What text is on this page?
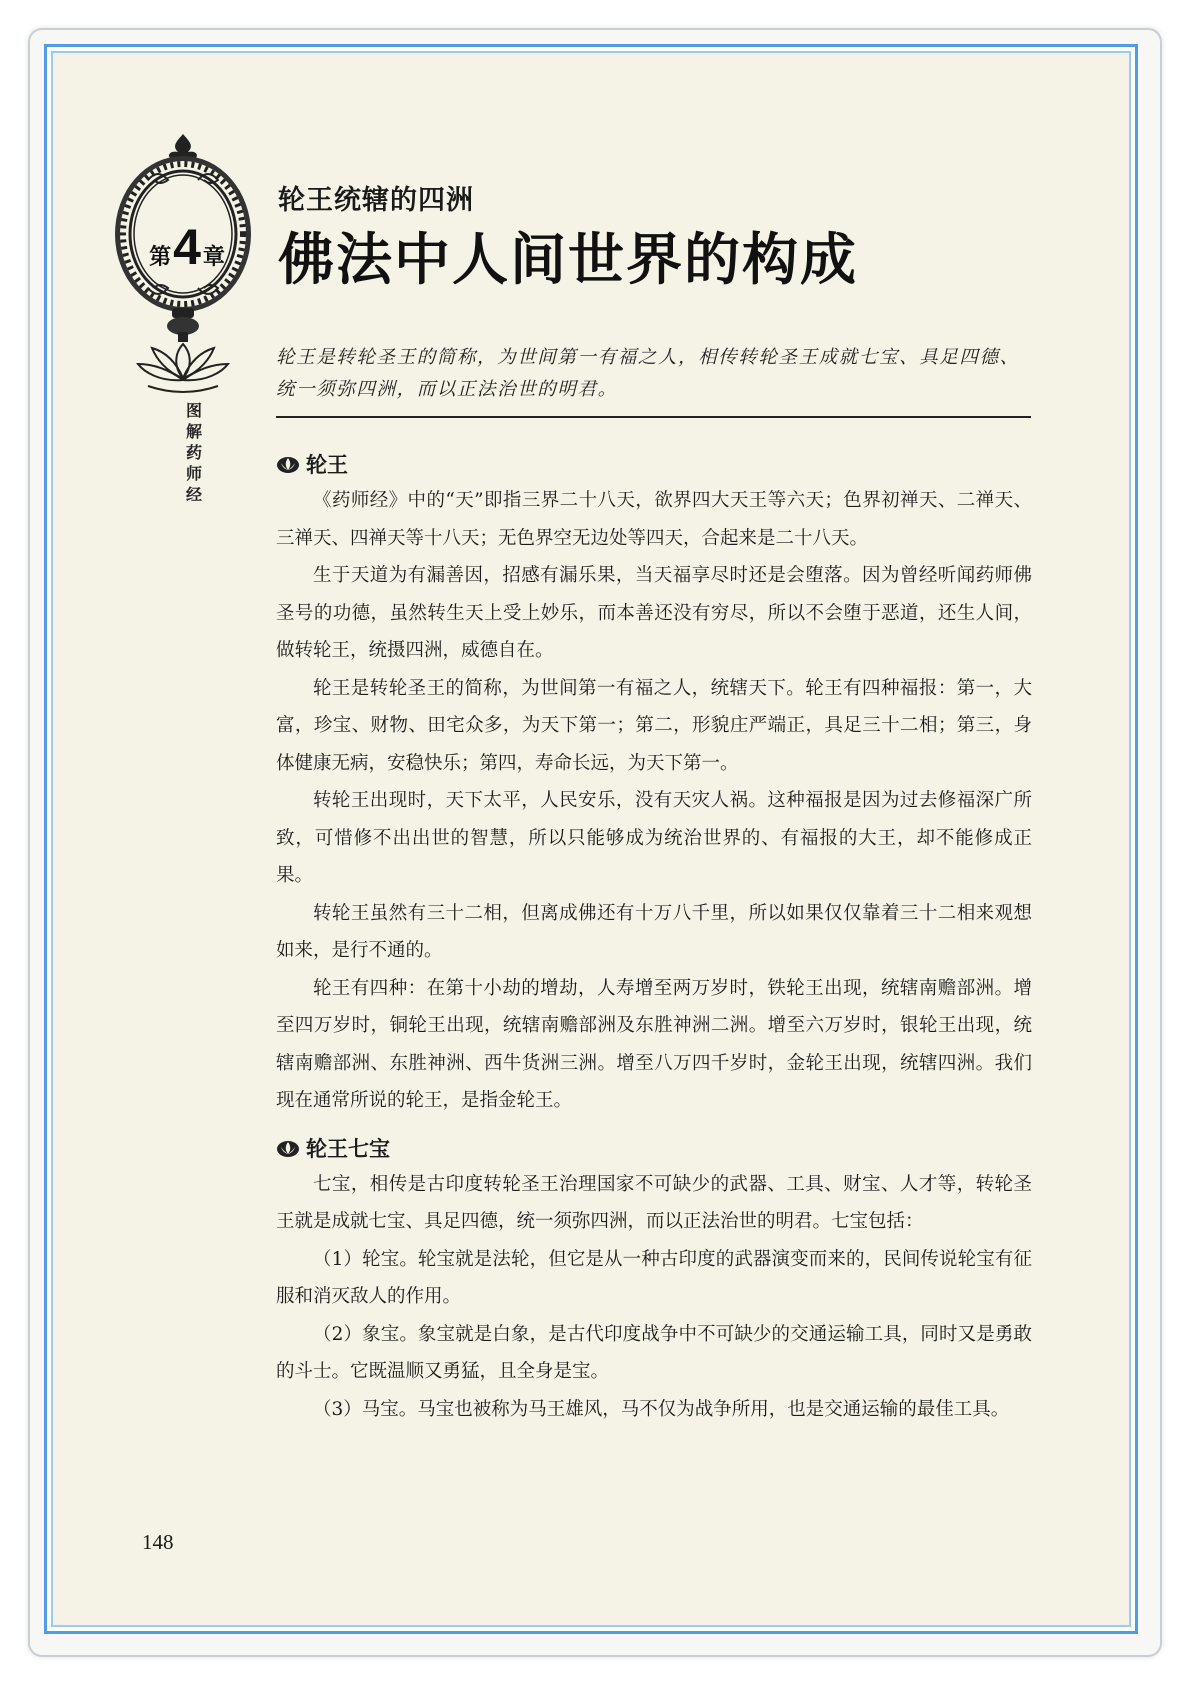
第 4 章
图解药师经
轮王统辖的四洲
佛法中人间世界的构成
轮王是转轮圣王的简称，为世间第一有福之人，相传转轮圣王成就七宝、具足四德、统一须弥四洲，而以正法治世的明君。
轮王

《药师经》中的“天”即指三界二十八天，欲界四大天王等六天；色界初禅天、二禅天、三禅天、四禅天等十八天；无色界空无边处等四天，合起来是二十八天。

生于天道为有漏善因，招感有漏乐果，当天福享尽时还是会堕落。因为曾经听闻药师佛圣号的功德，虽然转生天上受上妙乐，而本善还没有穷尽，所以不会堕于恶道，还生人间，做转轮王，统摄四洲，威德自在。

轮王是转轮圣王的简称，为世间第一有福之人，统辖天下。轮王有四种福报：第一，大富，珍宝、财物、田宅众多，为天下第一；第二，形貌庄严端正，具足三十二相；第三，身体健康无病，安稳快乐；第四，寿命长远，为天下第一。

转轮王出现时，天下太平，人民安乐，没有天灾人祸。这种福报是因为过去修福深广所致，可惜修不出出世的智慧，所以只能够成为统治世界的、有福报的大王，却不能修成正果。

转轮王虽然有三十二相，但离成佛还有十万八千里，所以如果仅仅靠着三十二相来观想如来，是行不通的。

轮王有四种：在第十小劫的增劫，人寿增至两万岁时，铁轮王出现，统辖南赡部洲。增至四万岁时，铜轮王出现，统辖南赡部洲及东胜神洲二洲。增至六万岁时，银轮王出现，统辖南赡部洲、东胜神洲、西牛货洲三洲。增至八万四千岁时，金轮王出现，统辖四洲。我们现在通常所说的轮王，是指金轮王。

轮王七宝

七宝，相传是古印度转轮圣王治理国家不可缺少的武器、工具、财宝、人才等，转轮圣王就是成就七宝、具足四德，统一须弥四洲，而以正法治世的明君。七宝包括：

（1）轮宝。轮宝就是法轮，但它是从一种古印度的武器演变而来的，民间传说轮宝有征服和消灭敌人的作用。

（2）象宝。象宝就是白象，是古代印度战争中不可缺少的交通运输工具，同时又是勇敢的斗士。它既温顺又勇猛，且全身是宝。

（3）马宝。马宝也被称为马王雄风，马不仅为战争所用，也是交通运输的最佳工具。

148
